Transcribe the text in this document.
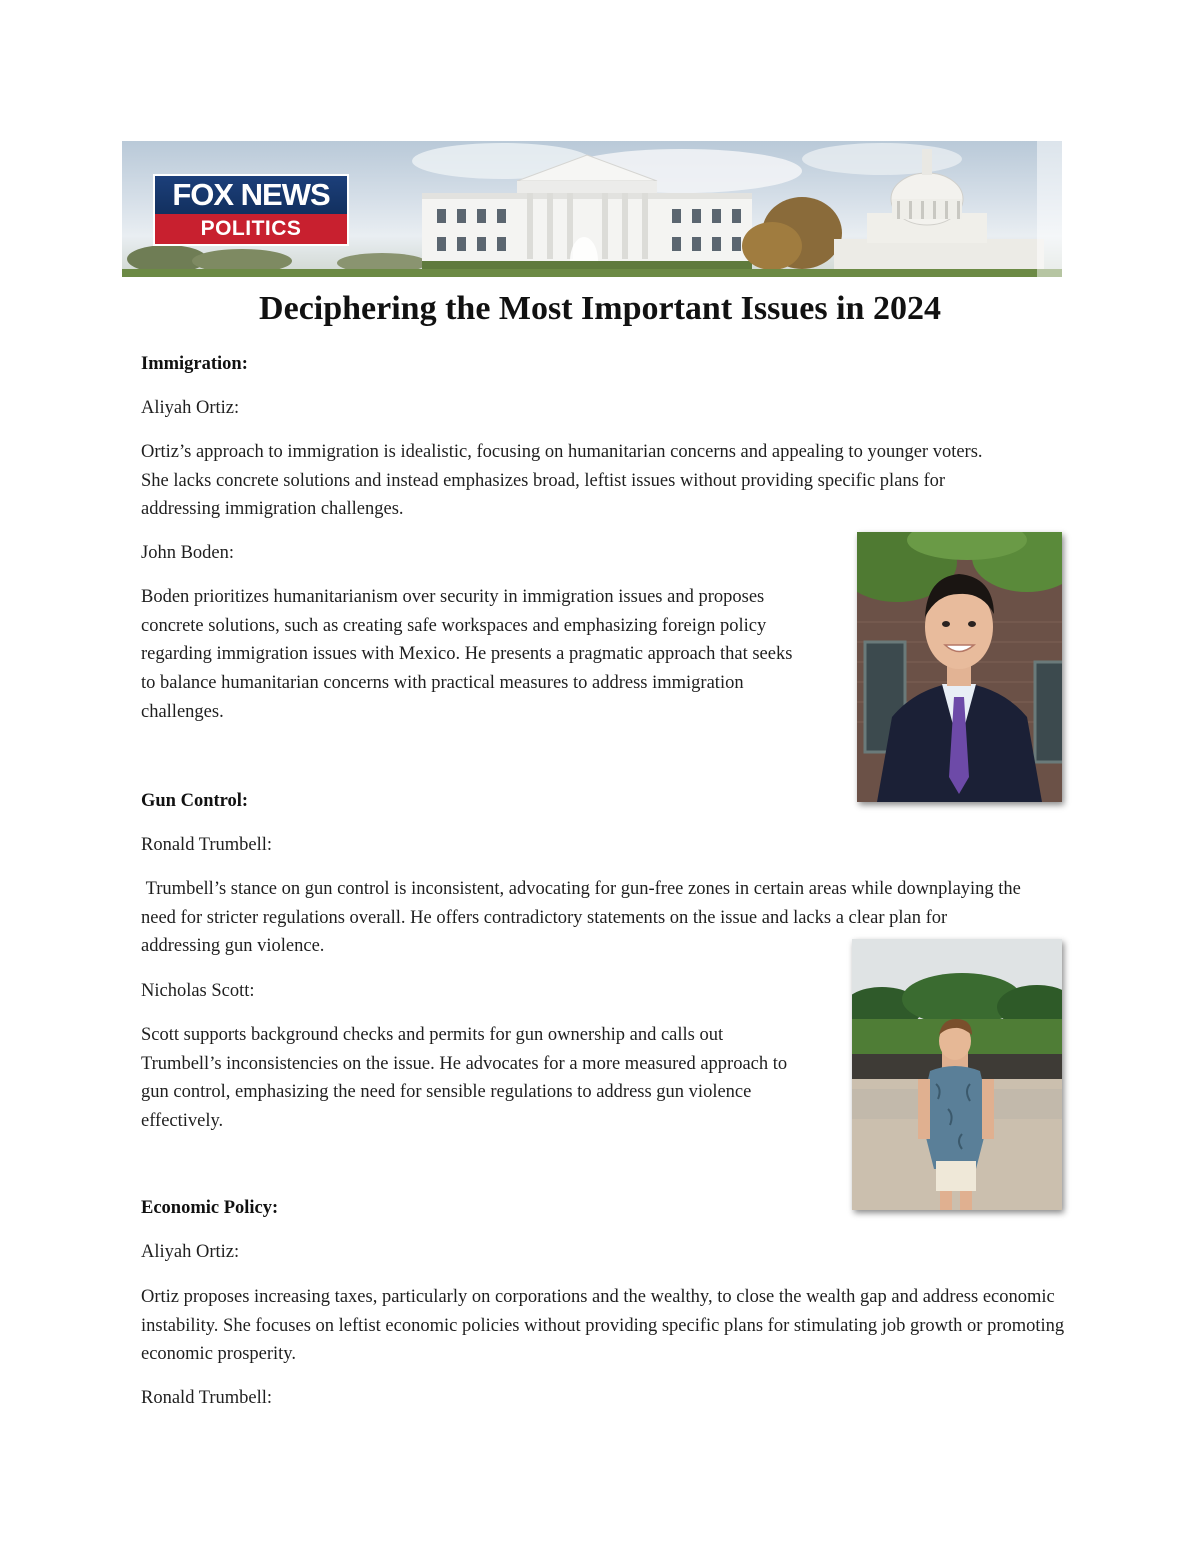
FOX NEWS
POLITICS
Deciphering the Most Important Issues in 2024

Immigration:

Aliyah Ortiz:

Ortiz’s approach to immigration is idealistic, focusing on humanitarian concerns and appealing to younger voters. She lacks concrete solutions and instead emphasizes broad, leftist issues without providing specific plans for addressing immigration challenges.

John Boden:

Boden prioritizes humanitarianism over security in immigration issues and proposes concrete solutions, such as creating safe workspaces and emphasizing foreign policy regarding immigration issues with Mexico. He presents a pragmatic approach that seeks to balance humanitarian concerns with practical measures to address immigration challenges.

Gun Control:

Ronald Trumbell:

Trumbell’s stance on gun control is inconsistent, advocating for gun-free zones in certain areas while downplaying the need for stricter regulations overall. He offers contradictory statements on the issue and lacks a clear plan for addressing gun violence.

Nicholas Scott:

Scott supports background checks and permits for gun ownership and calls out Trumbell’s inconsistencies on the issue. He advocates for a more measured approach to gun control, emphasizing the need for sensible regulations to address gun violence effectively.

Economic Policy:

Aliyah Ortiz:

Ortiz proposes increasing taxes, particularly on corporations and the wealthy, to close the wealth gap and address economic instability. She focuses on leftist economic policies without providing specific plans for stimulating job growth or promoting economic prosperity.

Ronald Trumbell:
